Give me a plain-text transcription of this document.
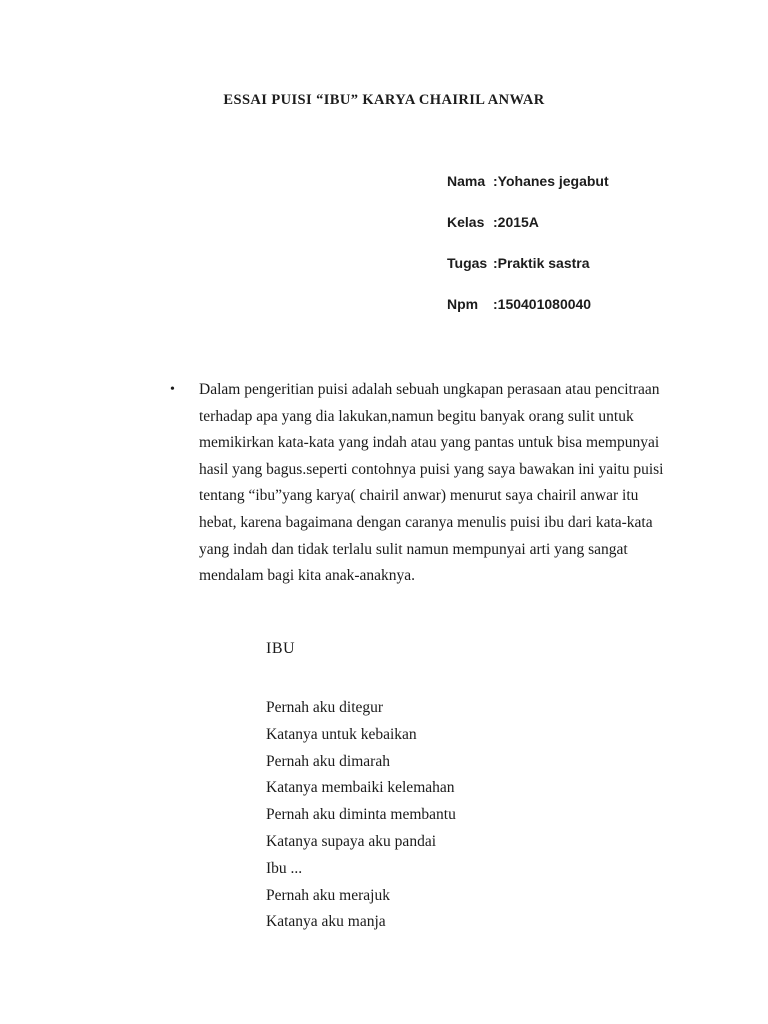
ESSAI PUISI “IBU” KARYA CHAIRIL ANWAR
Nama :Yohanes jegabut
Kelas :2015A
Tugas :Praktik sastra
Npm	:150401080040
•	Dalam pengeritian puisi adalah sebuah ungkapan perasaan atau pencitraan
terhadap apa yang dia lakukan,namun begitu banyak orang sulit untuk
memikirkan kata-kata yang indah atau yang pantas untuk bisa mempunyai
hasil yang bagus.seperti contohnya puisi yang saya bawakan ini yaitu puisi
tentang “ibu”yang karya( chairil anwar) menurut saya chairil anwar itu
hebat, karena bagaimana dengan caranya menulis puisi ibu dari kata-kata
yang indah dan tidak terlalu sulit namun mempunyai arti yang sangat
mendalam bagi kita anak-anaknya.
IBU
Pernah aku ditegur
Katanya untuk kebaikan
Pernah aku dimarah
Katanya membaiki kelemahan
Pernah aku diminta membantu
Katanya supaya aku pandai
Ibu ...
Pernah aku merajuk
Katanya aku manja
